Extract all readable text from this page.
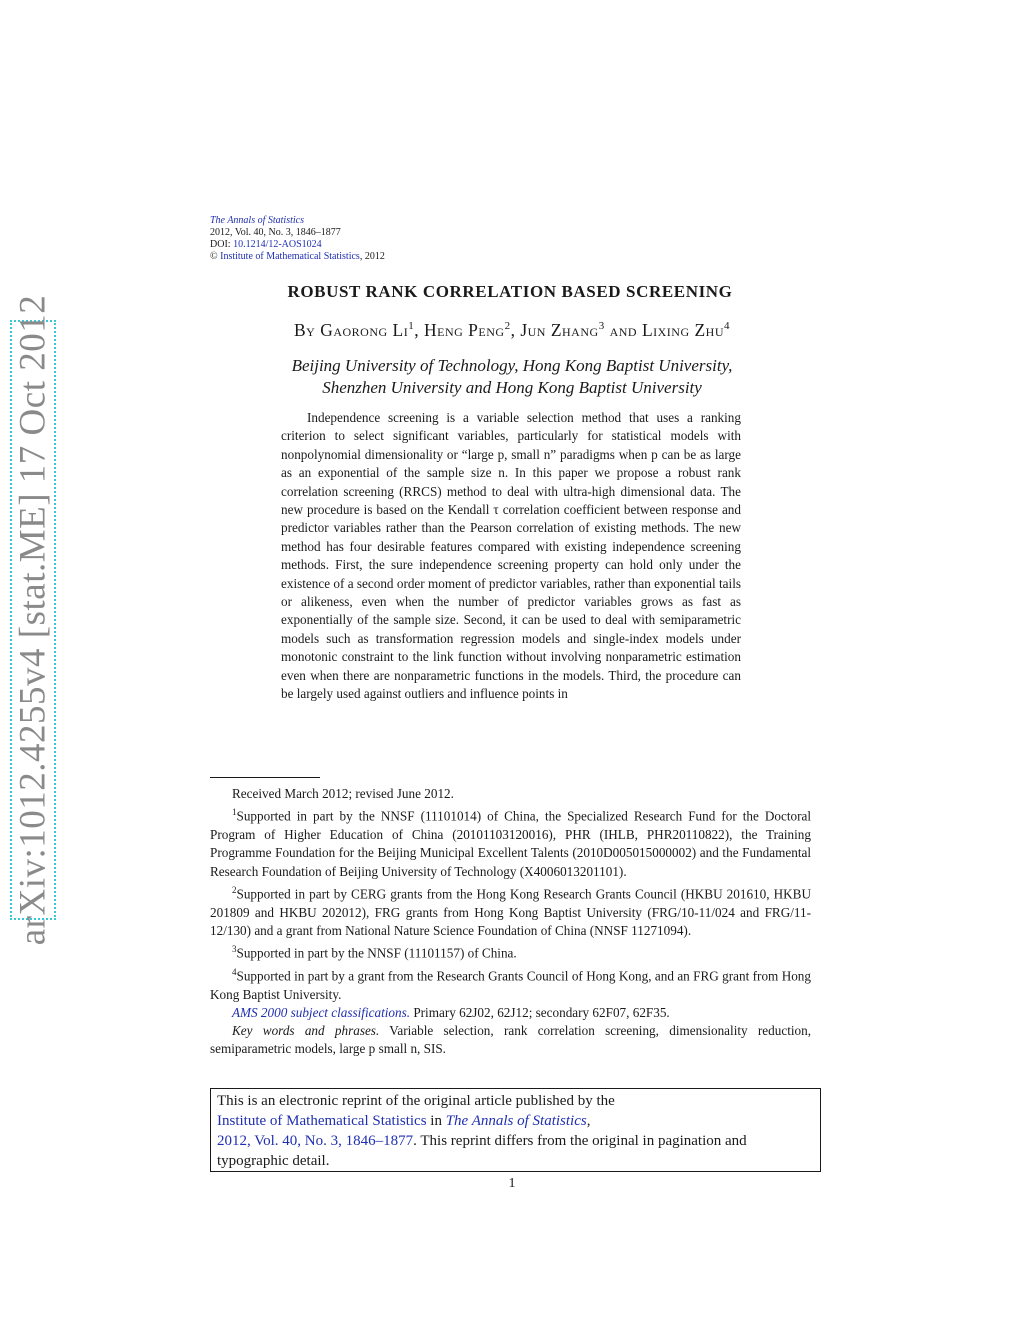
arXiv:1012.4255v4 [stat.ME] 17 Oct 2012
The Annals of Statistics
2012, Vol. 40, No. 3, 1846–1877
DOI: 10.1214/12-AOS1024
© Institute of Mathematical Statistics, 2012
ROBUST RANK CORRELATION BASED SCREENING
By Gaorong Li$^1$, Heng Peng$^2$, Jun Zhang$^3$ and Lixing Zhu$^4$
Beijing University of Technology, Hong Kong Baptist University,
Shenzhen University and Hong Kong Baptist University

Independence screening is a variable selection method that uses a ranking criterion to select significant variables, particularly for statistical models with nonpolynomial dimensionality or “large p, small n” paradigms when p can be as large as an exponential of the sample size n. In this paper we propose a robust rank correlation screening (RRCS) method to deal with ultra-high dimensional data. The new procedure is based on the Kendall τ correlation coefficient between response and predictor variables rather than the Pearson correlation of existing methods. The new method has four desirable features compared with existing independence screening methods. First, the sure independence screening property can hold only under the existence of a second order moment of predictor variables, rather than exponential tails or alikeness, even when the number of predictor variables grows as fast as exponentially of the sample size. Second, it can be used to deal with semiparametric models such as transformation regression models and single-index models under monotonic constraint to the link function without involving nonparametric estimation even when there are nonparametric functions in the models. Third, the procedure can be largely used against outliers and influence points in

Received March 2012; revised June 2012.

$^1$Supported in part by the NNSF (11101014) of China, the Specialized Research Fund for the Doctoral Program of Higher Education of China (20101103120016), PHR (IHLB, PHR20110822), the Training Programme Foundation for the Beijing Municipal Excellent Talents (2010D005015000002) and the Fundamental Research Foundation of Beijing University of Technology (X4006013201101).

$^2$Supported in part by CERG grants from the Hong Kong Research Grants Council (HKBU 201610, HKBU 201809 and HKBU 202012), FRG grants from Hong Kong Baptist University (FRG/10-11/024 and FRG/11-12/130) and a grant from National Nature Science Foundation of China (NNSF 11271094).

$^3$Supported in part by the NNSF (11101157) of China.

$^4$Supported in part by a grant from the Research Grants Council of Hong Kong, and an FRG grant from Hong Kong Baptist University.

AMS 2000 subject classifications. Primary 62J02, 62J12; secondary 62F07, 62F35.

Key words and phrases. Variable selection, rank correlation screening, dimensionality reduction, semiparametric models, large p small n, SIS.

This is an electronic reprint of the original article published by the
Institute of Mathematical Statistics in The Annals of Statistics,
2012, Vol. 40, No. 3, 1846–1877. This reprint differs from the original in pagination and typographic detail.
1
